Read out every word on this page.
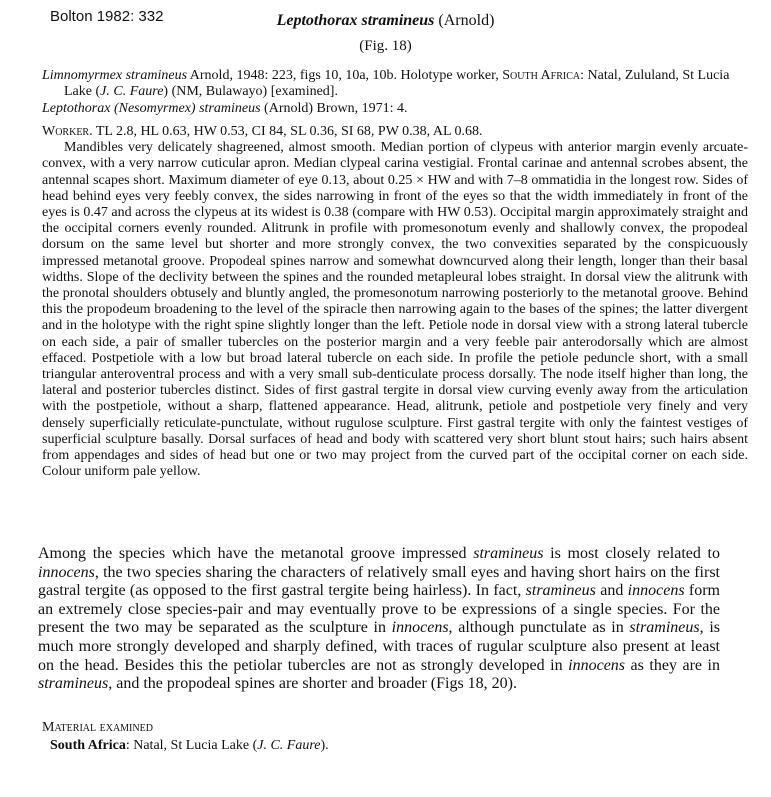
Bolton 1982: 332	Leptothorax stramineus (Arnold)
(Fig. 18)
Limnomyrmex stramineus Arnold, 1948: 223, figs 10, 10a, 10b. Holotype worker, South Africa: Natal, Zululand, St Lucia Lake (J. C. Faure) (NM, Bulawayo) [examined].
Leptothorax (Nesomyrmex) stramineus (Arnold) Brown, 1971: 4.

Worker. TL 2.8, HL 0.63, HW 0.53, CI 84, SL 0.36, SI 68, PW 0.38, AL 0.68.

Mandibles very delicately shagreened, almost smooth. Median portion of clypeus with anterior margin evenly arcuate-convex, with a very narrow cuticular apron. Median clypeal carina vestigial. Frontal carinae and antennal scrobes absent, the antennal scapes short. Maximum diameter of eye 0.13, about 0.25 × HW and with 7–8 ommatidia in the longest row. Sides of head behind eyes very feebly convex, the sides narrowing in front of the eyes so that the width immediately in front of the eyes is 0.47 and across the clypeus at its widest is 0.38 (compare with HW 0.53). Occipital margin approximately straight and the occipital corners evenly rounded. Alitrunk in profile with promesonotum evenly and shallowly convex, the propodeal dorsum on the same level but shorter and more strongly convex, the two convexities separated by the conspicuously impressed metanotal groove. Propodeal spines narrow and somewhat downcurved along their length, longer than their basal widths. Slope of the declivity between the spines and the rounded metapleural lobes straight. In dorsal view the alitrunk with the pronotal shoulders obtusely and bluntly angled, the promesonotum narrowing posteriorly to the metanotal groove. Behind this the propodeum broadening to the level of the spiracle then narrowing again to the bases of the spines; the latter divergent and in the holotype with the right spine slightly longer than the left. Petiole node in dorsal view with a strong lateral tubercle on each side, a pair of smaller tubercles on the posterior margin and a very feeble pair anterodorsally which are almost effaced. Postpetiole with a low but broad lateral tubercle on each side. In profile the petiole peduncle short, with a small triangular anteroventral process and with a very small sub-denticulate process dorsally. The node itself higher than long, the lateral and posterior tubercles distinct. Sides of first gastral tergite in dorsal view curving evenly away from the articulation with the postpetiole, without a sharp, flattened appearance. Head, alitrunk, petiole and postpetiole very finely and very densely superficially reticulate-punctulate, without rugulose sculpture. First gastral tergite with only the faintest vestiges of superficial sculpture basally. Dorsal surfaces of head and body with scattered very short blunt stout hairs; such hairs absent from appendages and sides of head but one or two may project from the curved part of the occipital corner on each side. Colour uniform pale yellow.

Among the species which have the metanotal groove impressed stramineus is most closely related to innocens, the two species sharing the characters of relatively small eyes and having short hairs on the first gastral tergite (as opposed to the first gastral tergite being hairless). In fact, stramineus and innocens form an extremely close species-pair and may eventually prove to be expressions of a single species. For the present the two may be separated as the sculpture in innocens, although punctulate as in stramineus, is much more strongly developed and sharply defined, with traces of rugular sculpture also present at least on the head. Besides this the petiolar tubercles are not as strongly developed in innocens as they are in stramineus, and the propodeal spines are shorter and broader (Figs 18, 20).

Material examined
South Africa: Natal, St Lucia Lake (J. C. Faure).
